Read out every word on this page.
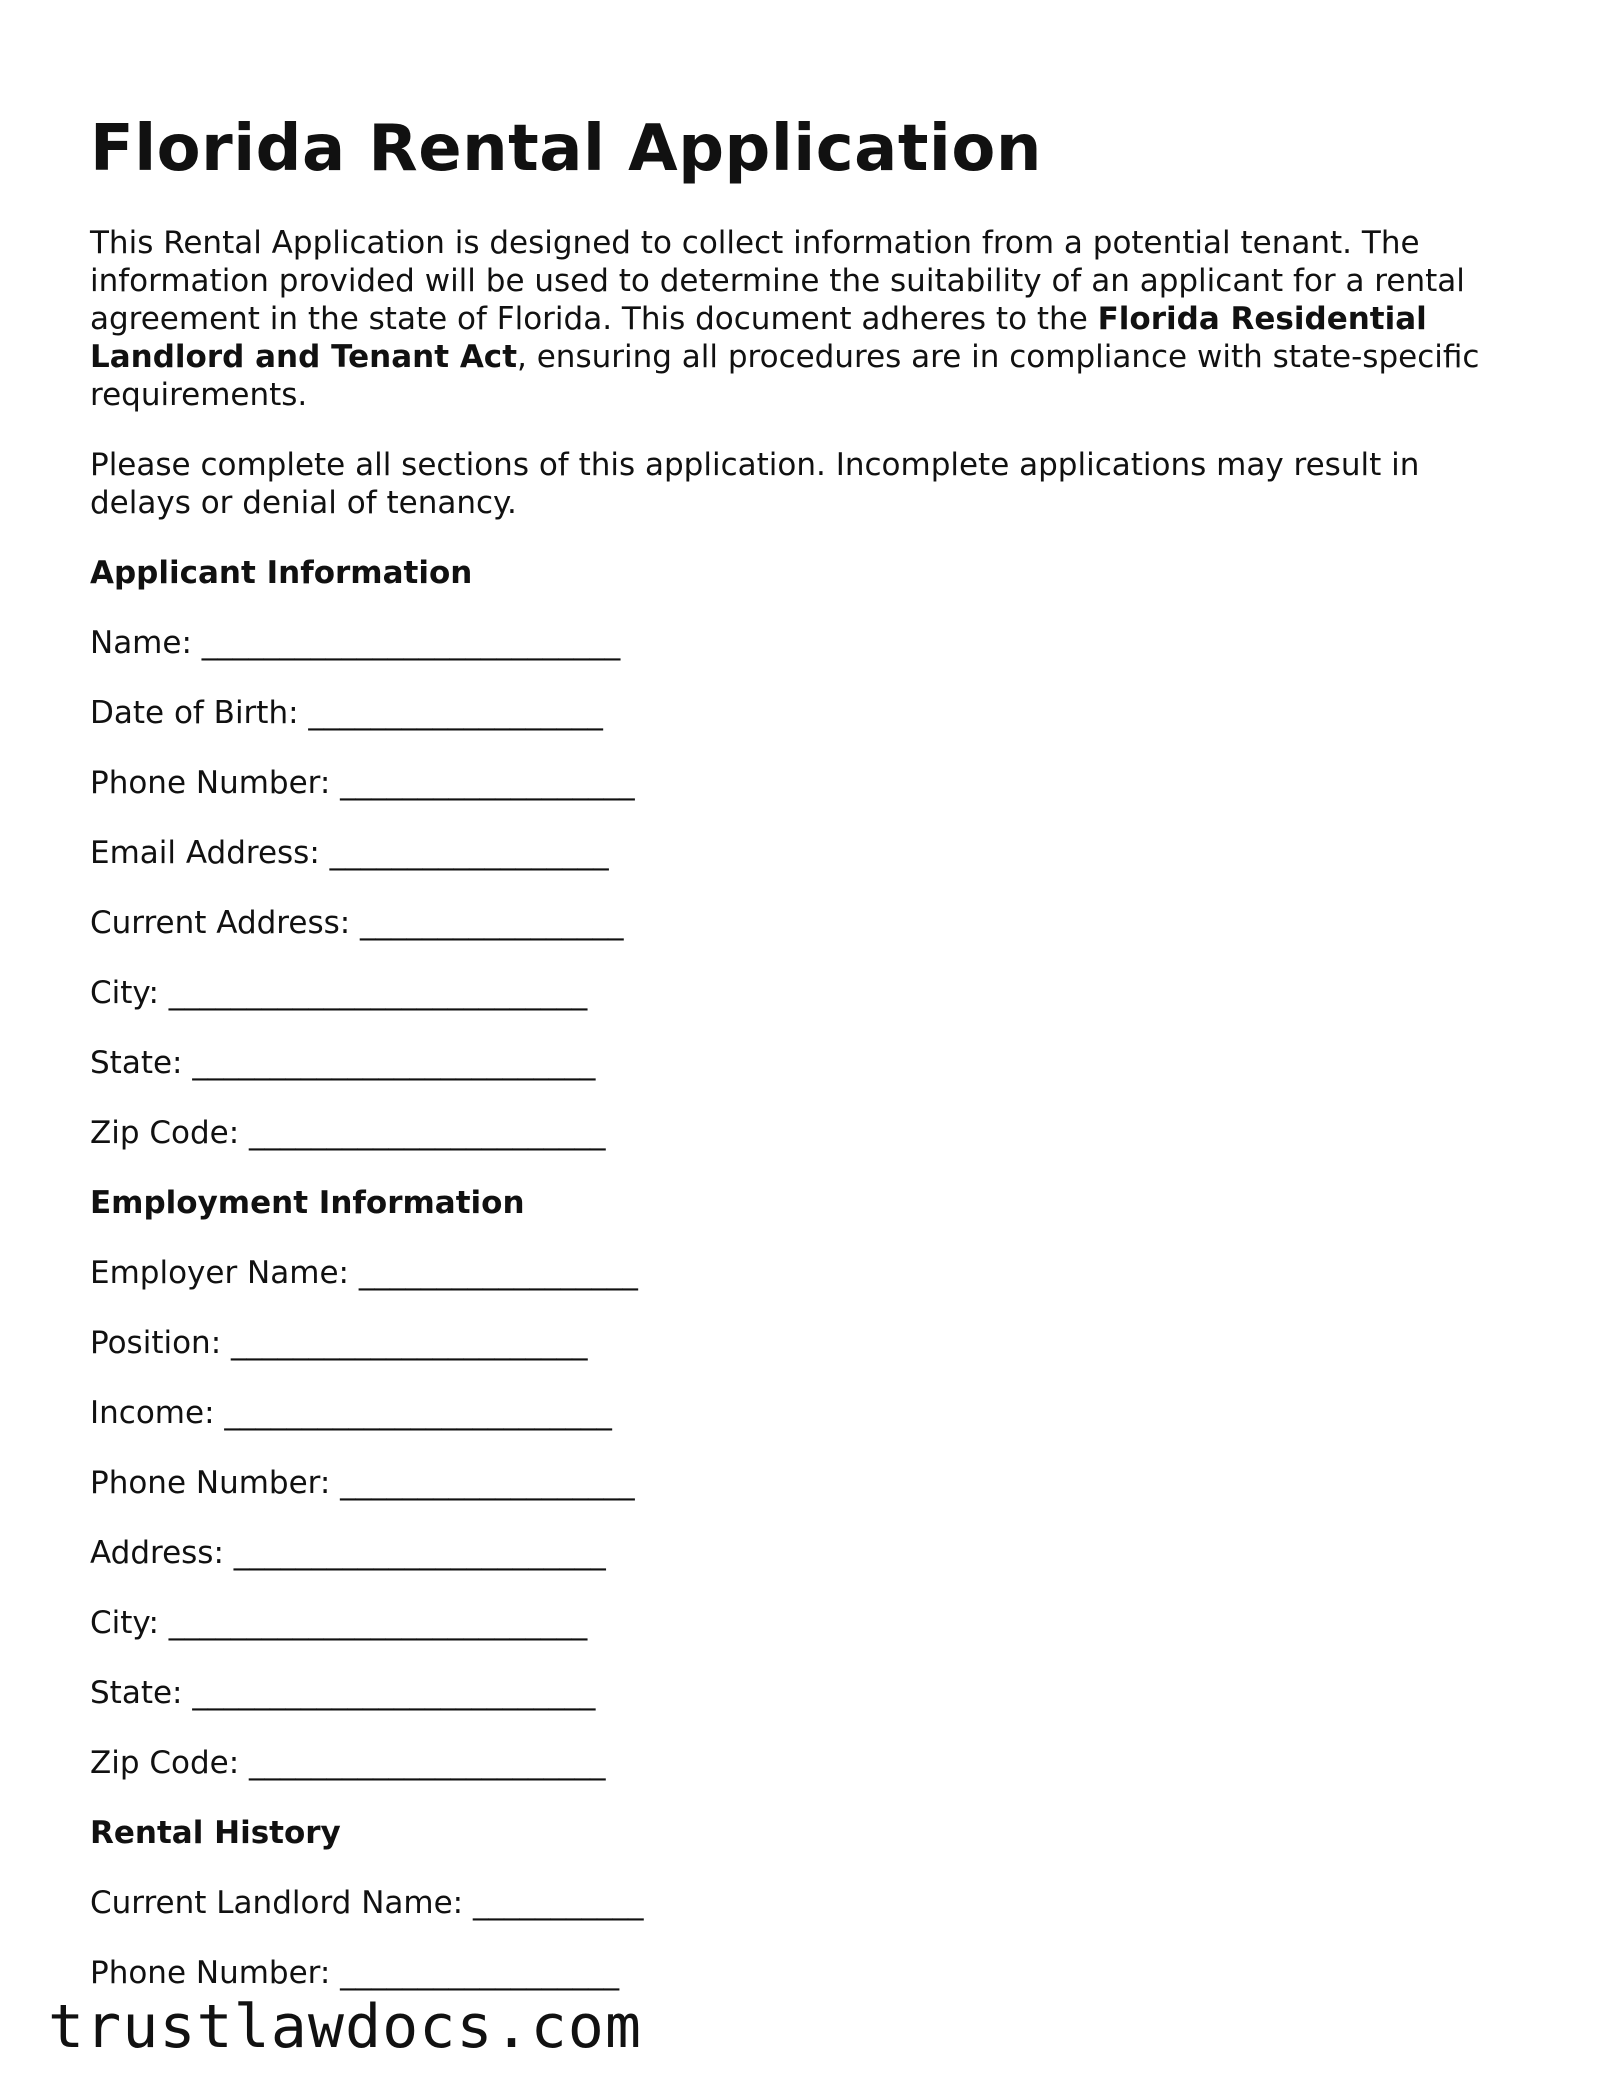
Florida Rental Application

This Rental Application is designed to collect information from a potential tenant. The information provided will be used to determine the suitability of an applicant for a rental agreement in the state of Florida. This document adheres to the Florida Residential Landlord and Tenant Act, ensuring all procedures are in compliance with state-specific requirements.

Please complete all sections of this application. Incomplete applications may result in delays or denial of tenancy.

Applicant Information
Name: ___________________________
Date of Birth: ___________________
Phone Number: ___________________
Email Address: __________________
Current Address: _________________
City: ___________________________
State: __________________________
Zip Code: _______________________
Employment Information
Employer Name: __________________
Position: _______________________
Income: _________________________
Phone Number: ___________________
Address: ________________________
City: ___________________________
State: __________________________
Zip Code: _______________________
Rental History
Current Landlord Name: ___________
Phone Number: __________________
trustlawdocs.com
